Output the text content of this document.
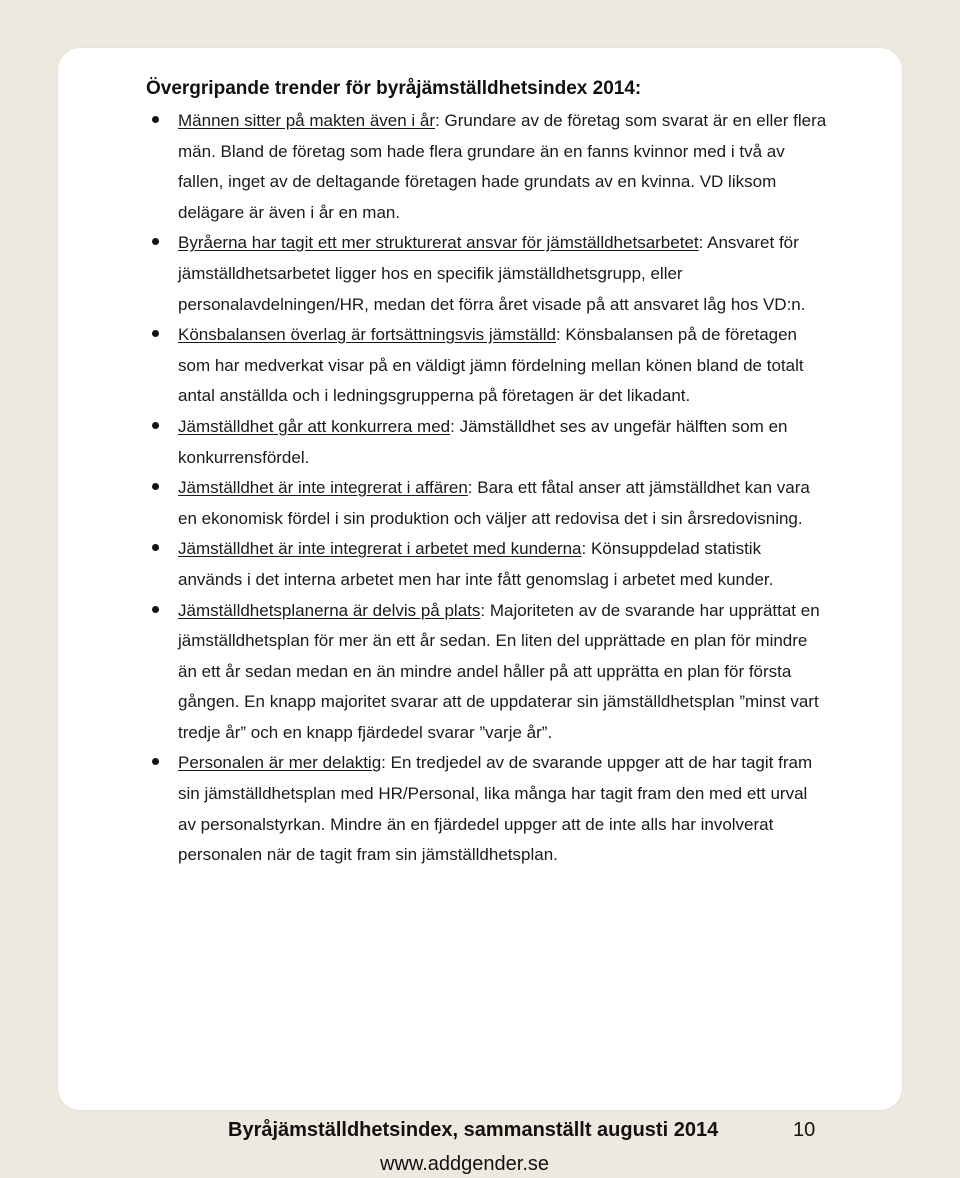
Övergripande trender för byråjämställdhetsindex 2014:
Männen sitter på makten även i år: Grundare av de företag som svarat är en eller flera män. Bland de företag som hade flera grundare än en fanns kvinnor med i två av fallen, inget av de deltagande företagen hade grundats av en kvinna. VD liksom delägare är även i år en man.
Byråerna har tagit ett mer strukturerat ansvar för jämställdhetsarbetet: Ansvaret för jämställdhetsarbetet ligger hos en specifik jämställdhetsgrupp, eller personalavdelningen/HR, medan det förra året visade på att ansvaret låg hos VD:n.
Könsbalansen överlag är fortsättningsvis jämställd: Könsbalansen på de företagen som har medverkat visar på en väldigt jämn fördelning mellan könen bland de totalt antal anställda och i ledningsgrupperna på företagen är det likadant.
Jämställdhet går att konkurrera med: Jämställdhet ses av ungefär hälften som en konkurrensfördel.
Jämställdhet är inte integrerat i affären: Bara ett fåtal anser att jämställdhet kan vara en ekonomisk fördel i sin produktion och väljer att redovisa det i sin årsredovisning.
Jämställdhet är inte integrerat i arbetet med kunderna: Könsuppdelad statistik används i det interna arbetet men har inte fått genomslag i arbetet med kunder.
Jämställdhetsplanerna är delvis på plats: Majoriteten av de svarande har upprättat en jämställdhetsplan för mer än ett år sedan. En liten del upprättade en plan för mindre än ett år sedan medan en än mindre andel håller på att upprätta en plan för första gången. En knapp majoritet svarar att de uppdaterar sin jämställdhetsplan ”minst vart tredje år” och en knapp fjärdedel svarar ”varje år”.
Personalen är mer delaktig: En tredjedel av de svarande uppger att de har tagit fram sin jämställdhetsplan med HR/Personal, lika många har tagit fram den med ett urval av personalstyrkan. Mindre än en fjärdedel uppger att de inte alls har involverat personalen när de tagit fram sin jämställdhetsplan.
Byråjämställdhetsindex, sammanställt augusti 2014	10
www.addgender.se
